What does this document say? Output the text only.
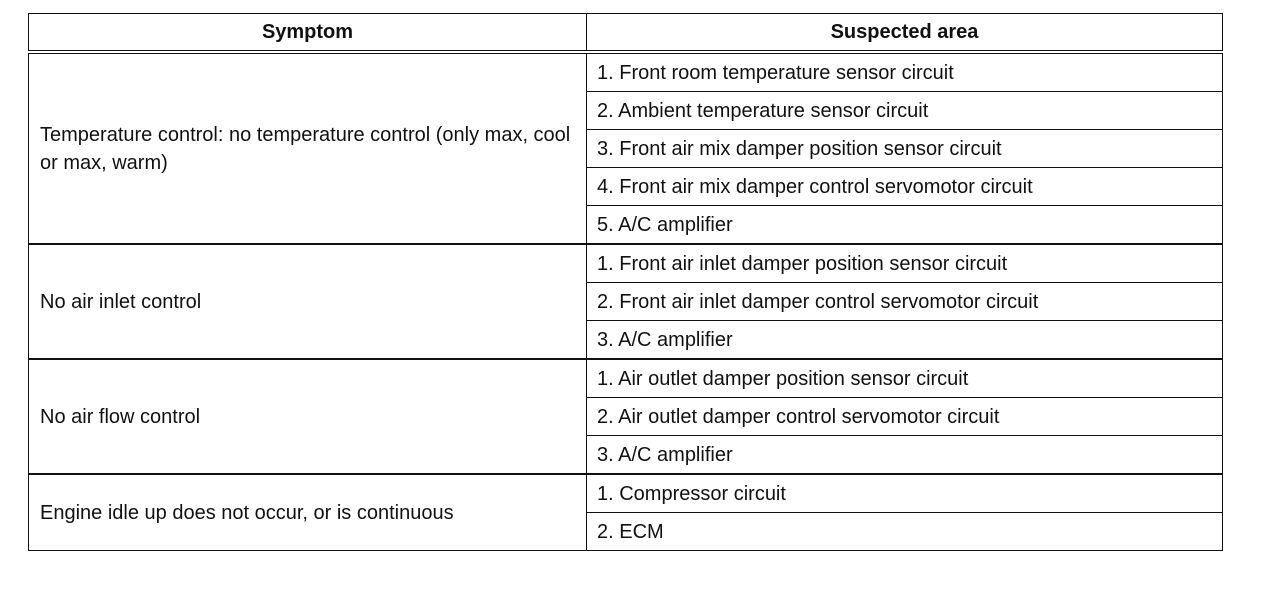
Symptom	Suspected area
Temperature control: no temperature control (only max, cool or max, warm)	1. Front room temperature sensor circuit
	2. Ambient temperature sensor circuit
	3. Front air mix damper position sensor circuit
	4. Front air mix damper control servomotor circuit
	5. A/C amplifier
No air inlet control	1. Front air inlet damper position sensor circuit
	2. Front air inlet damper control servomotor circuit
	3. A/C amplifier
No air flow control	1. Air outlet damper position sensor circuit
	2. Air outlet damper control servomotor circuit
	3. A/C amplifier
Engine idle up does not occur, or is continuous	1. Compressor circuit
	2. ECM
